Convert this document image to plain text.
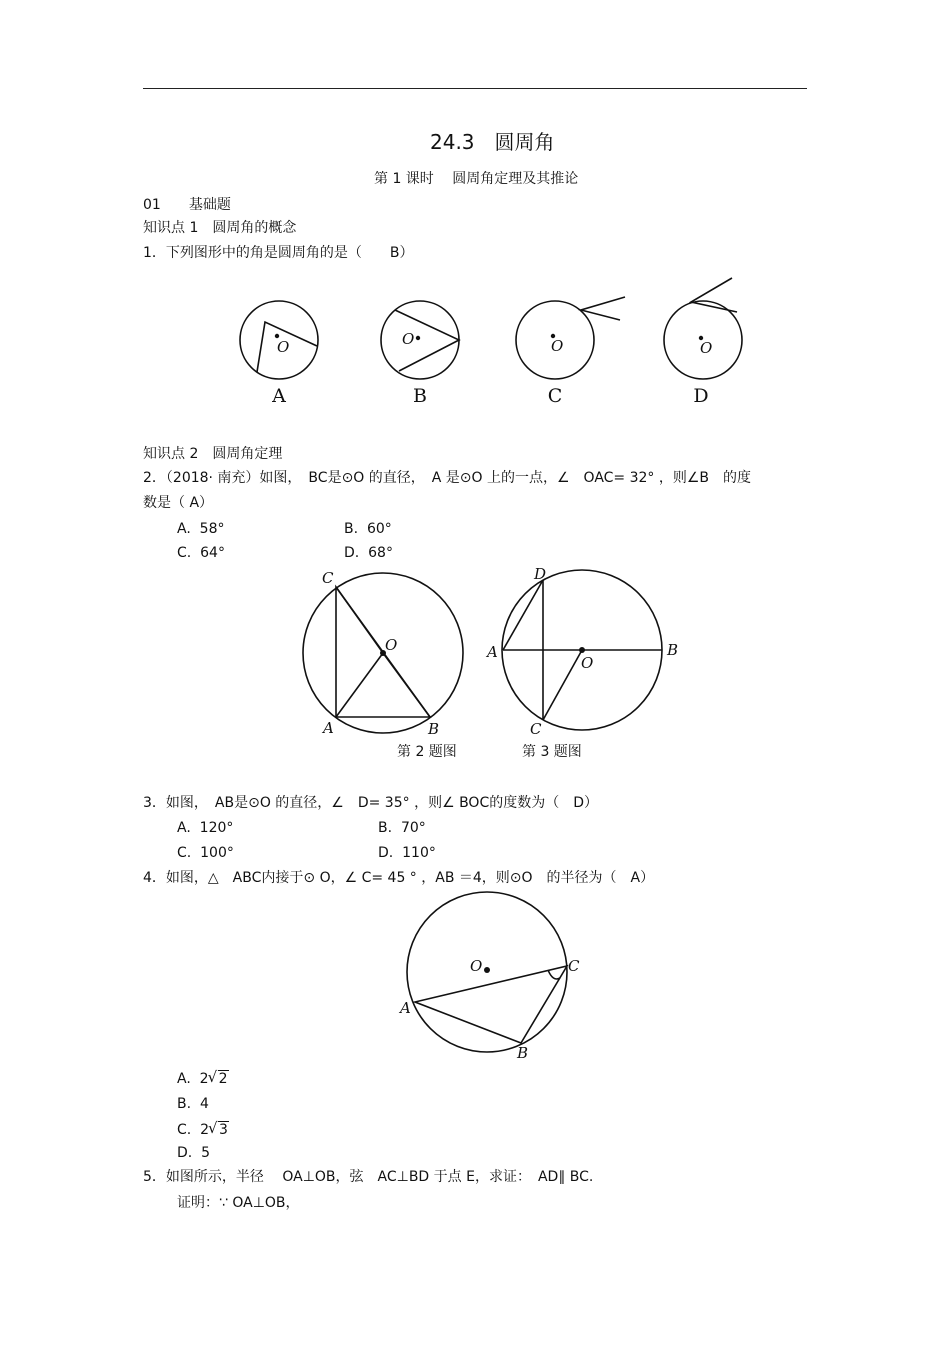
24.3　圆周角
第 1 课时　 圆周角定理及其推论
01　　基础题
知识点 1　圆周角的概念
1．下列图形中的角是圆周角的是（　　B）
O	O	O	O
A	B	C	D
知识点 2　圆周角定理
2．（2018· 南充）如图，　BC是⊙O 的直径，　A 是⊙O 上的一点，∠　OAC= 32° ，则∠B　的度
数是（ A）
A.  58°	B.  60°
C.  64°	D.  68°
C
O
A	B
第 2 题图
D
A
O
B
C
第 3 题图
3．如图，　AB是⊙O 的直径，∠　D= 35° ，则∠ BOC的度数为（　D）
A.  120°	B.  70°
C.  100°	D.  110°
4．如图，△　ABC内接于⊙ O，∠ C= 45 ° ，AB ＝4，则⊙O　的半径为（　A）
O	C
A
B
A.  2 √ 2
B.  4
C.  2 √ 3
D.  5
5．如图所示，半径　 OA⊥OB，弦　AC⊥BD 于点 E，求证：　AD∥ BC.
证明：∵ OA⊥OB，
